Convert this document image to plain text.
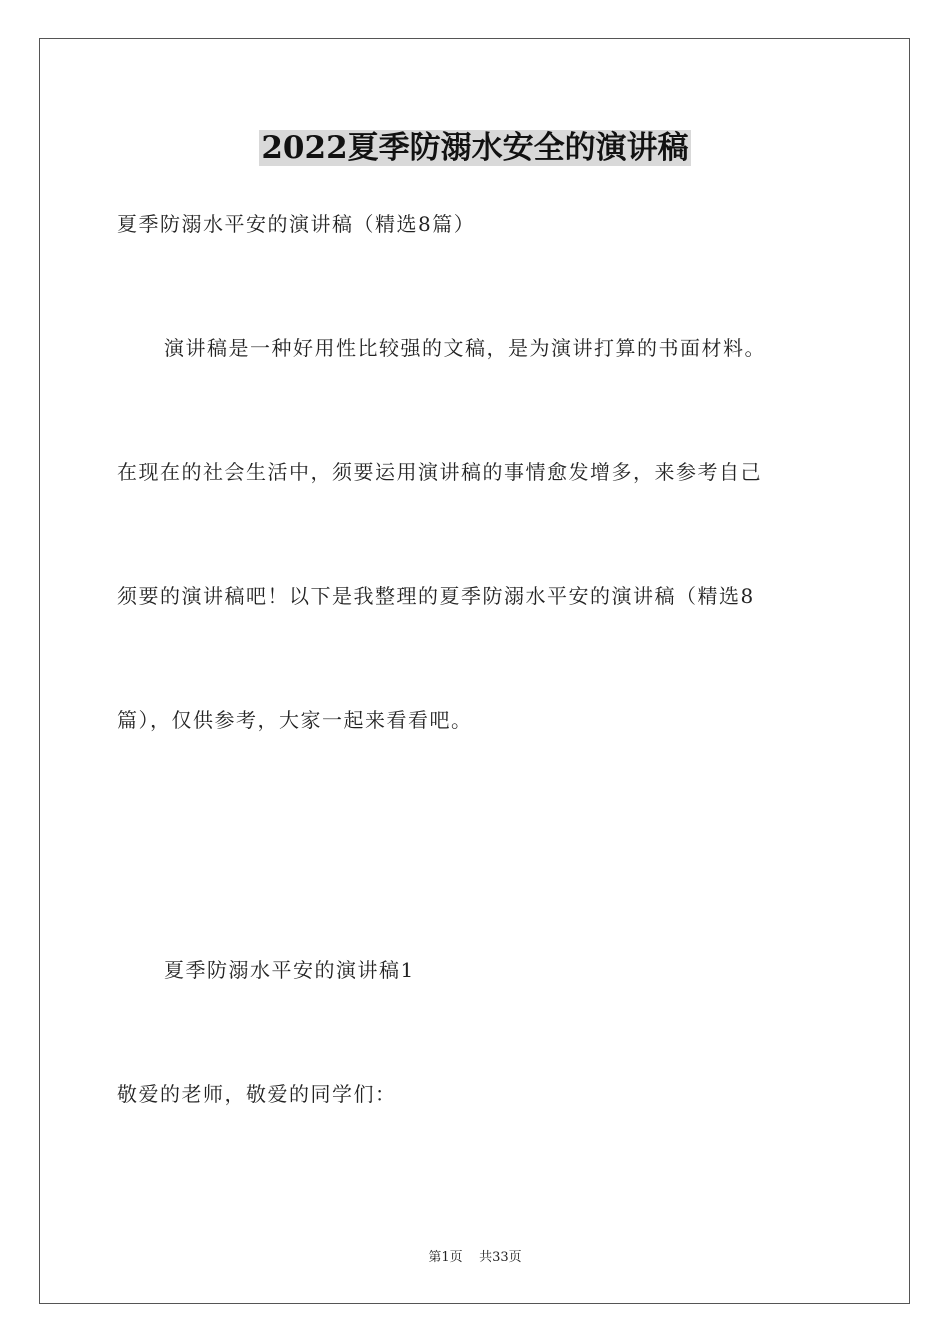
2022夏季防溺水安全的演讲稿

夏季防溺水平安的演讲稿（精选8篇）

演讲稿是一种好用性比较强的文稿，是为演讲打算的书面材料。

在现在的社会生活中，须要运用演讲稿的事情愈发增多，来参考自己

须要的演讲稿吧！以下是我整理的夏季防溺水平安的演讲稿（精选8

篇），仅供参考，大家一起来看看吧。

夏季防溺水平安的演讲稿1

敬爱的老师，敬爱的同学们：

第1页 共33页
